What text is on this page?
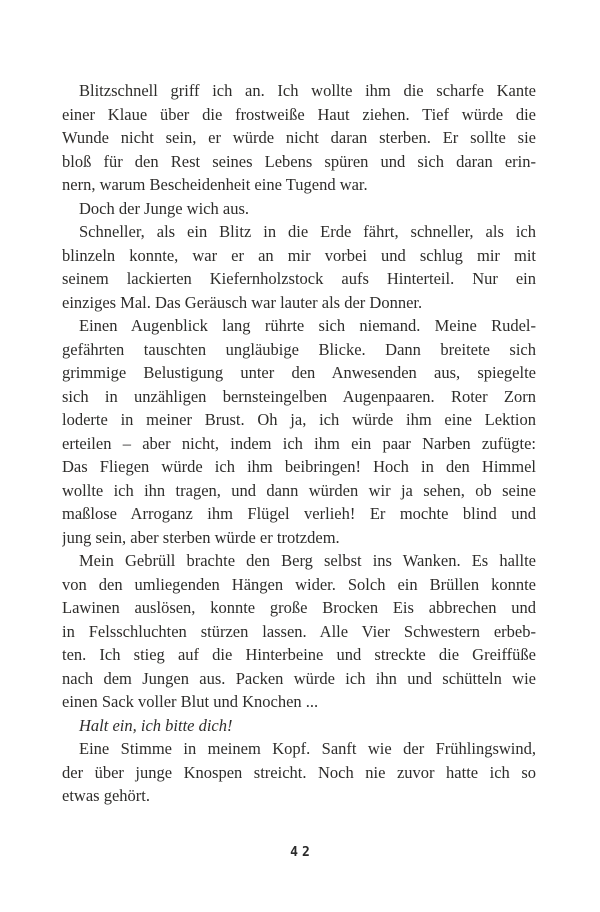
Blitzschnell griff ich an. Ich wollte ihm die scharfe Kante
einer Klaue über die frostweiße Haut ziehen. Tief würde die
Wunde nicht sein, er würde nicht daran sterben. Er sollte sie
bloß für den Rest seines Lebens spüren und sich daran erin-
nern, warum Bescheidenheit eine Tugend war.
Doch der Junge wich aus.
Schneller, als ein Blitz in die Erde fährt, schneller, als ich
blinzeln konnte, war er an mir vorbei und schlug mir mit
seinem lackierten Kiefernholzstock aufs Hinterteil. Nur ein
einziges Mal. Das Geräusch war lauter als der Donner.
Einen Augenblick lang rührte sich niemand. Meine Rudel-
gefährten tauschten ungläubige Blicke. Dann breitete sich
grimmige Belustigung unter den Anwesenden aus, spiegelte
sich in unzähligen bernsteingelben Augenpaaren. Roter Zorn
loderte in meiner Brust. Oh ja, ich würde ihm eine Lektion
erteilen – aber nicht, indem ich ihm ein paar Narben zufügte:
Das Fliegen würde ich ihm beibringen! Hoch in den Himmel
wollte ich ihn tragen, und dann würden wir ja sehen, ob seine
maßlose Arroganz ihm Flügel verlieh! Er mochte blind und
jung sein, aber sterben würde er trotzdem.
Mein Gebrüll brachte den Berg selbst ins Wanken. Es hallte
von den umliegenden Hängen wider. Solch ein Brüllen konnte
Lawinen auslösen, konnte große Brocken Eis abbrechen und
in Felsschluchten stürzen lassen. Alle Vier Schwestern erbeb-
ten. Ich stieg auf die Hinterbeine und streckte die Greiffüße
nach dem Jungen aus. Packen würde ich ihn und schütteln wie
einen Sack voller Blut und Knochen ...
Halt ein, ich bitte dich!
Eine Stimme in meinem Kopf. Sanft wie der Frühlingswind,
der über junge Knospen streicht. Noch nie zuvor hatte ich so
etwas gehört.
42
